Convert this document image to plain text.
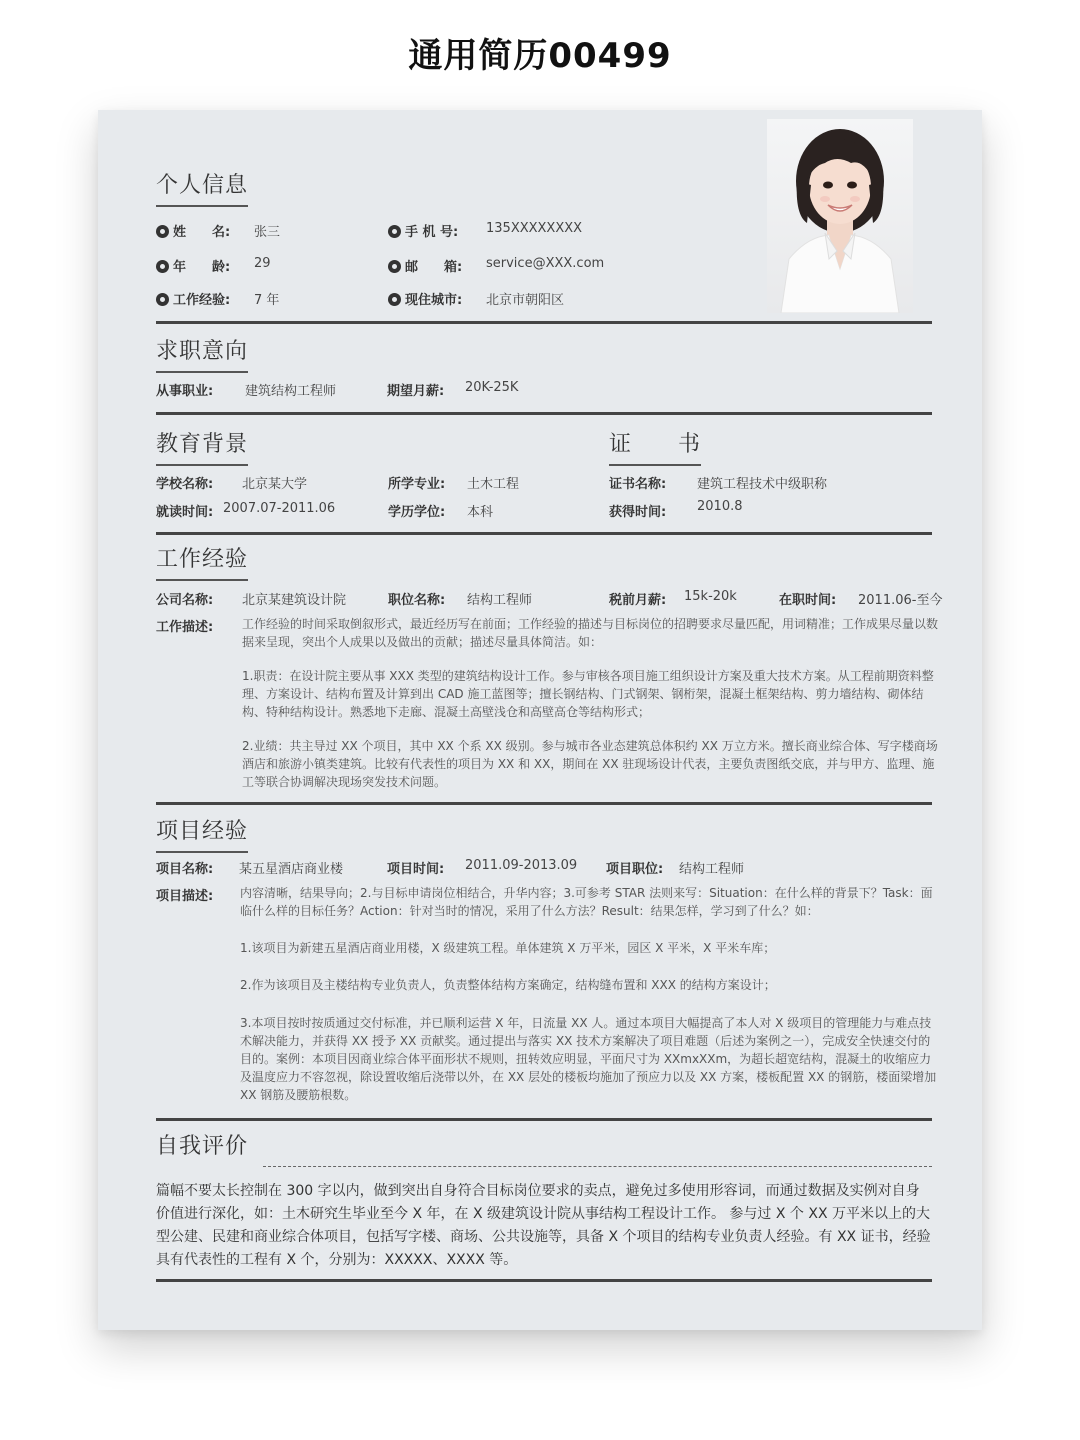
通用简历00499
个人信息
姓　　名: 张三
年　　龄: 29
工作经验: 7 年
手 机 号: 135XXXXXXXX
邮　　箱: service@XXX.com
现住城市: 北京市朝阳区
求职意向
从事职业: 建筑结构工程师	期望月薪: 20K-25K
教育背景
学校名称: 北京某大学	所学专业: 土木工程
就读时间: 2007.07-2011.06	学历学位: 本科
证　　书
证书名称: 建筑工程技术中级职称
获得时间: 2010.8
工作经验
公司名称: 北京某建筑设计院	职位名称: 结构工程师	税前月薪: 15k-20k	在职时间: 2011.06-至今
工作描述: 工作经验的时间采取倒叙形式，最近经历写在前面；工作经验的描述与目标岗位的招聘要求尽量匹配，用词精准；工作成果尽量以数据来呈现，突出个人成果以及做出的贡献；描述尽量具体简洁。如：
1.职责：在设计院主要从事 XXX 类型的建筑结构设计工作。参与审核各项目施工组织设计方案及重大技术方案。从工程前期资料整理、方案设计、结构布置及计算到出 CAD 施工蓝图等；擅长钢结构、门式钢架、钢桁架，混凝土框架结构、剪力墙结构、砌体结构、特种结构设计。熟悉地下走廊、混凝土高壁浅仓和高壁高仓等结构形式；
2.业绩：共主导过 XX 个项目，其中 XX 个系 XX 级别。参与城市各业态建筑总体积约 XX 万立方米。擅长商业综合体、写字楼商场酒店和旅游小镇类建筑。比较有代表性的项目为 XX 和 XX，期间在 XX 驻现场设计代表，主要负责图纸交底，并与甲方、监理、施工等联合协调解决现场突发技术问题。
项目经验
项目名称: 某五星酒店商业楼	项目时间: 2011.09-2013.09 项目职位: 结构工程师
项目描述: 内容清晰，结果导向；2.与目标申请岗位相结合，升华内容；3.可参考 STAR 法则来写：Situation：在什么样的背景下？Task：面临什么样的目标任务？Action：针对当时的情况，采用了什么方法？Result：结果怎样，学习到了什么？如：
1.该项目为新建五星酒店商业用楼，X 级建筑工程。单体建筑 X 万平米，园区 X 平米，X 平米车库；
2.作为该项目及主楼结构专业负责人，负责整体结构方案确定，结构缝布置和 XXX 的结构方案设计；
3.本项目按时按质通过交付标准，并已顺利运营 X 年，日流量 XX 人。通过本项目大幅提高了本人对 X 级项目的管理能力与难点技术解决能力，并获得 XX 授予 XX 贡献奖。通过提出与落实 XX 技术方案解决了项目难题（后述为案例之一），完成安全快速交付的目的。案例：本项目因商业综合体平面形状不规则，扭转效应明显，平面尺寸为 XXmxXXm，为超长超宽结构，混凝土的收缩应力及温度应力不容忽视，除设置收缩后浇带以外，在 XX 层处的楼板均施加了预应力以及 XX 方案，楼板配置 XX 的钢筋，楼面梁增加 XX 钢筋及腰筋根数。
自我评价
篇幅不要太长控制在 300 字以内，做到突出自身符合目标岗位要求的卖点，避免过多使用形容词，而通过数据及实例对自身价值进行深化，如：土木研究生毕业至今 X 年，在 X 级建筑设计院从事结构工程设计工作。 参与过 X 个 XX 万平米以上的大型公建、民建和商业综合体项目，包括写字楼、商场、公共设施等，具备 X 个项目的结构专业负责人经验。有 XX 证书，经验具有代表性的工程有 X 个，分别为：XXXXX、XXXX 等。
